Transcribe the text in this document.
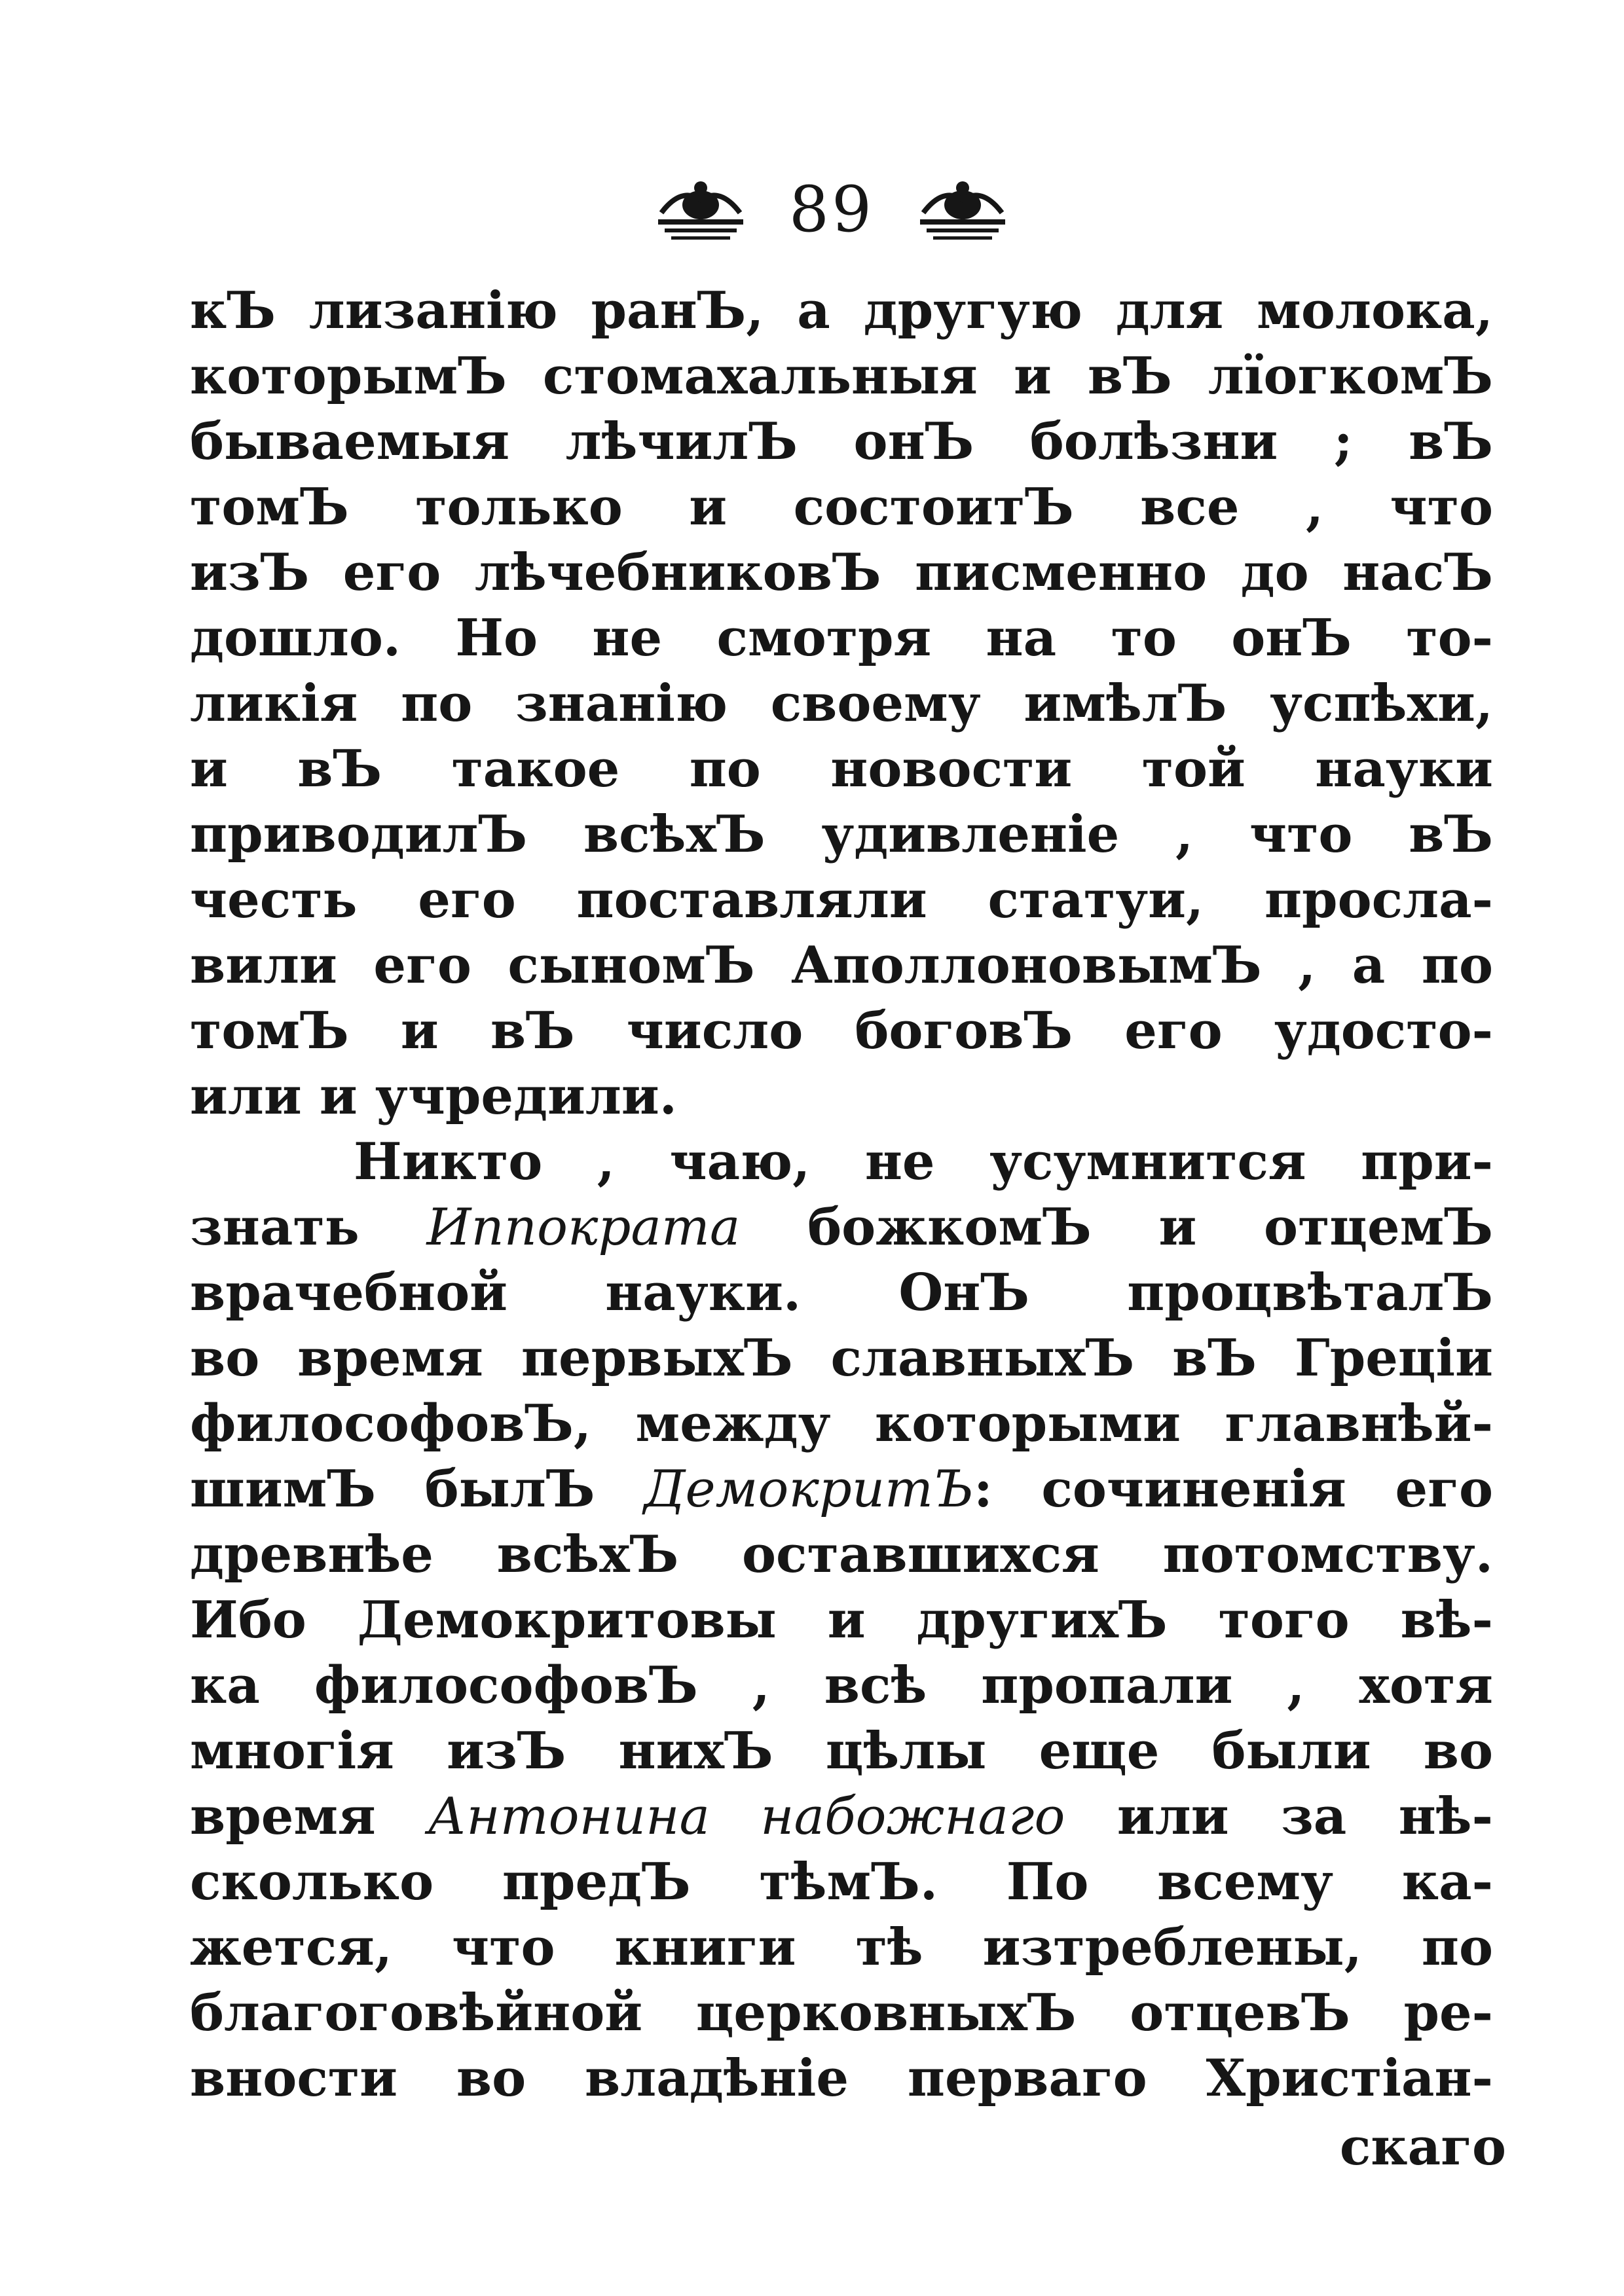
89
кЪ лизанію ранЪ, а другую для молока,
которымЪ стомахальныя и вЪ лїогкомЪ
бываемыя лѣчилЪ онЪ болѣзни ; вЪ
томЪ только и состоитЪ все , что
изЪ его лѣчебниковЪ писменно до насЪ
дошло. Но не смотря на то онЪ то-
ликія по знанію своему имѣлЪ успѣхи,
и вЪ такое по новости той науки
приводилЪ всѣхЪ удивленіе , что вЪ
честь его поставляли статуи, просла-
вили его сыномЪ АполлоновымЪ , а по
томЪ и вЪ число боговЪ его удосто-
или и учредили.
Никто , чаю, не усумнится при-
знать Иппократа божкомЪ и отцемЪ
врачебной науки. ОнЪ процвѣталЪ
во время первыхЪ славныхЪ вЪ Греціи
философовЪ, между которыми главнѣй-
шимЪ былЪ ДемокритЪ: сочиненія его
древнѣе всѣхЪ оставшихся потомству.
Ибо Демокритовы и другихЪ того вѣ-
ка философовЪ , всѣ пропали , хотя
многія изЪ нихЪ цѣлы еще были во
время Антонина набожнаго или за нѣ-
сколько предЪ тѣмЪ. По всему ка-
жется, что книги тѣ изтреблены, по
благоговѣйной церковныхЪ отцевЪ ре-
вности во владѣніе перваго Христіан-
скаго
